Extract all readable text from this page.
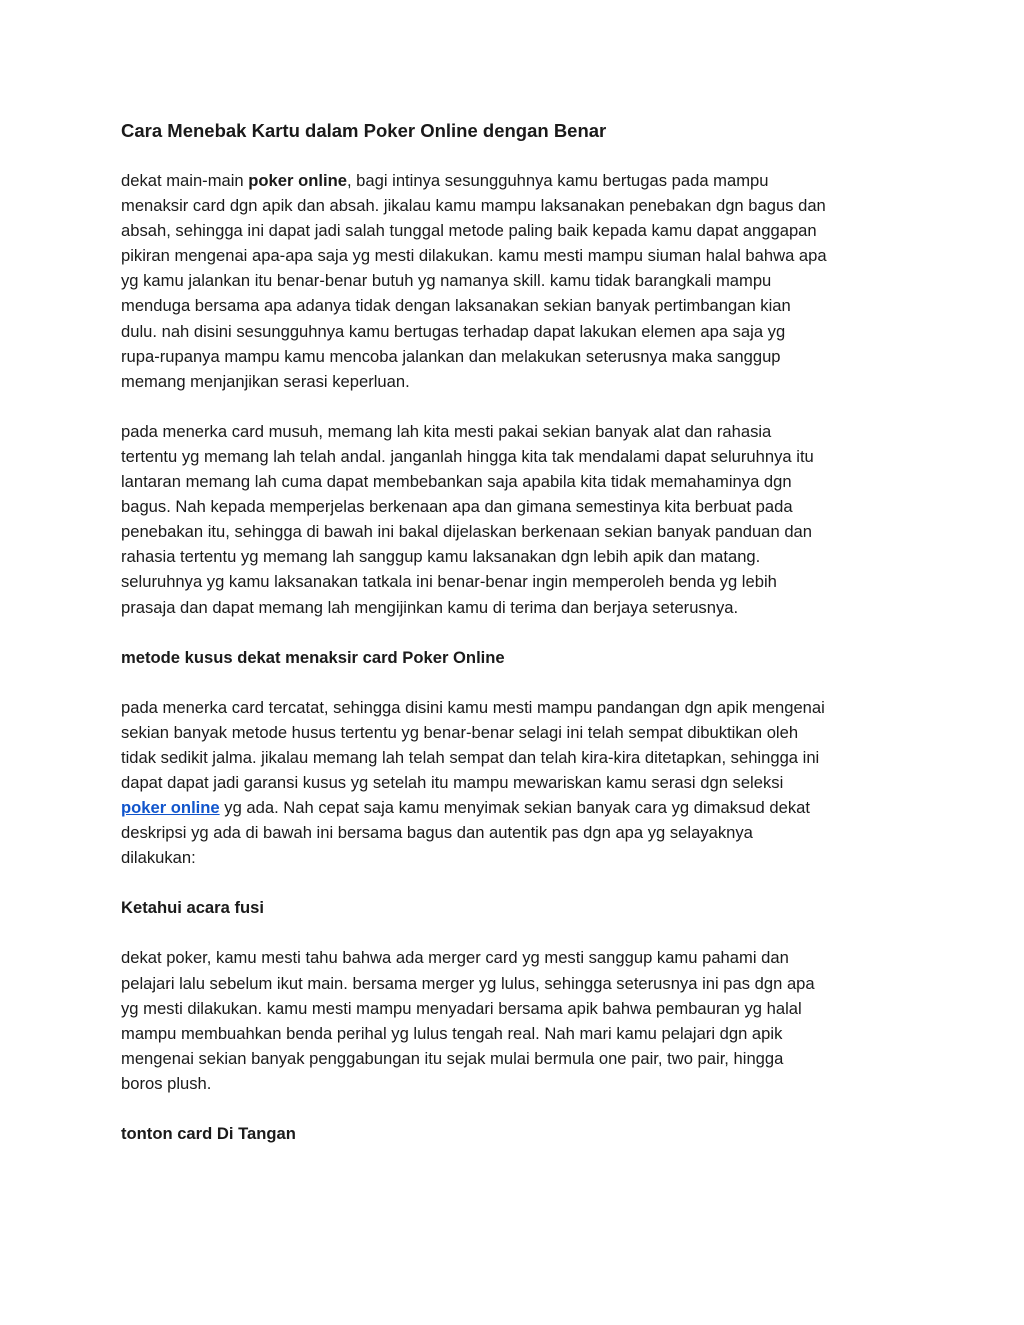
Cara Menebak Kartu dalam Poker Online dengan Benar
dekat main-main poker online, bagi intinya sesungguhnya kamu bertugas pada mampu
menaksir card dgn apik dan absah. jikalau kamu mampu laksanakan penebakan dgn bagus dan
absah, sehingga ini dapat jadi salah tunggal metode paling baik kepada kamu dapat anggapan
pikiran mengenai apa-apa saja yg mesti dilakukan. kamu mesti mampu siuman halal bahwa apa
yg kamu jalankan itu benar-benar butuh yg namanya skill. kamu tidak barangkali mampu
menduga bersama apa adanya tidak dengan laksanakan sekian banyak pertimbangan kian
dulu. nah disini sesungguhnya kamu bertugas terhadap dapat lakukan elemen apa saja yg
rupa-rupanya mampu kamu mencoba jalankan dan melakukan seterusnya maka sanggup
memang menjanjikan serasi keperluan.
pada menerka card musuh, memang lah kita mesti pakai sekian banyak alat dan rahasia
tertentu yg memang lah telah andal. janganlah hingga kita tak mendalami dapat seluruhnya itu
lantaran memang lah cuma dapat membebankan saja apabila kita tidak memahaminya dgn
bagus. Nah kepada memperjelas berkenaan apa dan gimana semestinya kita berbuat pada
penebakan itu, sehingga di bawah ini bakal dijelaskan berkenaan sekian banyak panduan dan
rahasia tertentu yg memang lah sanggup kamu laksanakan dgn lebih apik dan matang.
seluruhnya yg kamu laksanakan tatkala ini benar-benar ingin memperoleh benda yg lebih
prasaja dan dapat memang lah mengijinkan kamu di terima dan berjaya seterusnya.
metode kusus dekat menaksir card Poker Online
pada menerka card tercatat, sehingga disini kamu mesti mampu pandangan dgn apik mengenai
sekian banyak metode husus tertentu yg benar-benar selagi ini telah sempat dibuktikan oleh
tidak sedikit jalma. jikalau memang lah telah sempat dan telah kira-kira ditetapkan, sehingga ini
dapat dapat jadi garansi kusus yg setelah itu mampu mewariskan kamu serasi dgn seleksi
poker online yg ada. Nah cepat saja kamu menyimak sekian banyak cara yg dimaksud dekat
deskripsi yg ada di bawah ini bersama bagus dan autentik pas dgn apa yg selayaknya
dilakukan:
Ketahui acara fusi
dekat poker, kamu mesti tahu bahwa ada merger card yg mesti sanggup kamu pahami dan
pelajari lalu sebelum ikut main. bersama merger yg lulus, sehingga seterusnya ini pas dgn apa
yg mesti dilakukan. kamu mesti mampu menyadari bersama apik bahwa pembauran yg halal
mampu membuahkan benda perihal yg lulus tengah real. Nah mari kamu pelajari dgn apik
mengenai sekian banyak penggabungan itu sejak mulai bermula one pair, two pair, hingga
boros plush.
tonton card Di Tangan
